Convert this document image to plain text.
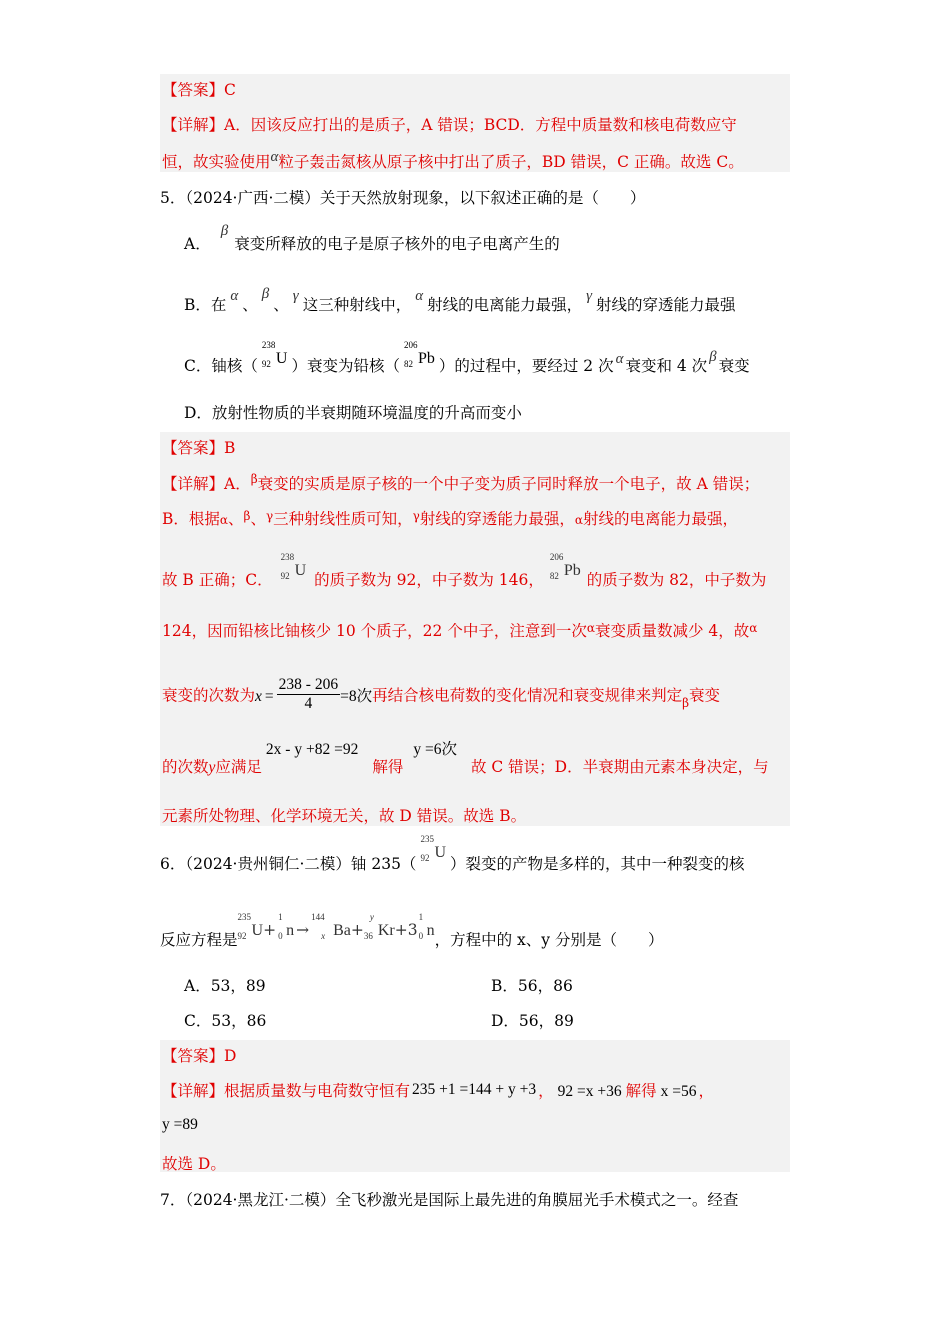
【答案】C
【详解】A．因该反应打出的是质子，A 错误；BCD．方程中质量数和核电荷数应守
恒，故实验使用α粒子轰击氮核从原子核中打出了质子，BD 错误，C 正确。故选 C。
5．（2024·广西·二模）关于天然放射现象，以下叙述正确的是（　　）
A．β衰变所释放的电子是原子核外的电子电离产生的
B．在 α 、β、 γ 这三种射线中， α 射线的电离能力最强， γ 射线的穿透能力最强
C．铀核（
238
92 U ）衰变为铅核（
206
82 Pb ）的过程中，要经过 2 次 α 衰变和 4 次 β 衰变
D．放射性物质的半衰期随环境温度的升高而变小
【答案】B
【详解】A．$^\beta$衰变的实质是原子核的一个中子变为质子同时释放一个电子，故 A 错误；
B．根据α、$^\beta$、$^\gamma$三种射线性质可知，$^\gamma$射线的穿透能力最强，α射线的电离能力最强，
故 B 正确；C．
238
92 U的质子数为 92，中子数为 146，
206
82 Pb的质子数为 82，中子数为
124，因而铅核比铀核少 10 个质子，22 个中子，注意到一次$^\alpha$衰变质量数减少 4，故$^\alpha$
衰变的次数为$x = \frac{238 - 206}{4} =8$次再结合核电荷数的变化情况和衰变规律来判定$_\beta$衰变
的次数y应满足2x - y +82 =92解得y =6次故 C 错误；D．半衰期由元素本身决定，与
元素所处物理、化学环境无关，故 D 错误。故选 B。
6．（2024·贵州铜仁·二模）铀 235（
235
92 U）裂变的产物是多样的，其中一种裂变的核
反应方程是
235
92 U+
1
0 n →
144
x Ba+
y
36 Kr+3
1
0 n，方程中的 x、y 分别是（　　）
A．53，89	B．56，86
C．53，86	D．56，89
【答案】D
【详解】根据质量数与电荷数守恒有 235 +1 =144 + y +3 ， 92 =x +36 解得 x =56 ，
y =89
故选 D。
7．（2024·黑龙江·二模）全飞秒激光是国际上最先进的角膜屈光手术模式之一。经查
